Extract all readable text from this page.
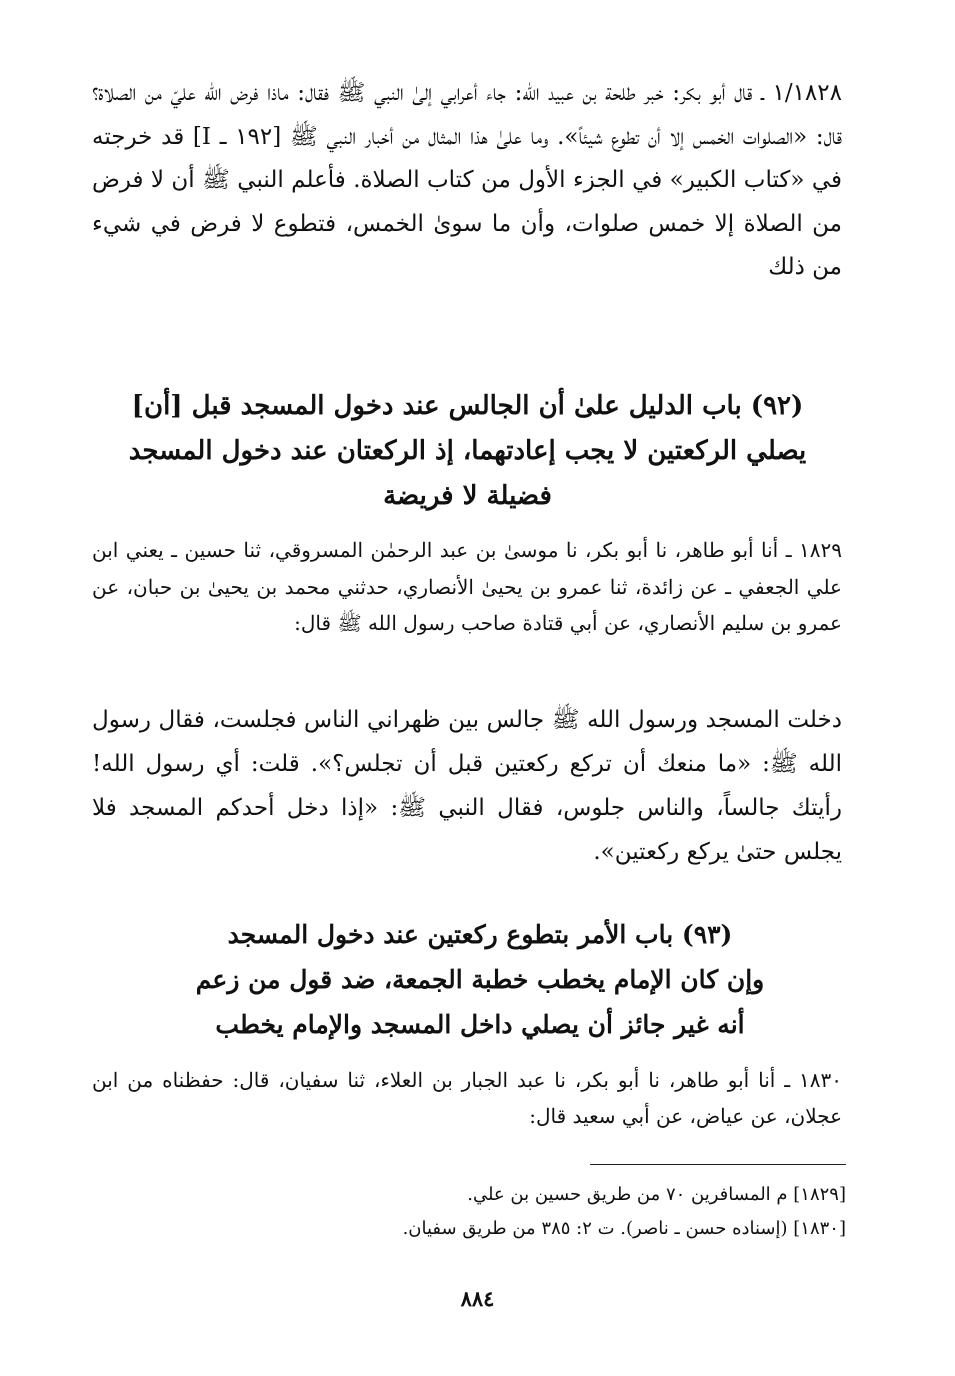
١/١٨٢٨ ـ قال أبو بكر: خبر طلحة بن عبيد الله: جاء أعرابي إلىٰ النبي ﷺ فقال: ماذا فرض الله عليّ من الصلاة؟ قال: «الصلوات الخمس إلا أن تطوع شيئاً». وما علىٰ هذا المثال من أخبار النبي ﷺ [١٩٢ ـ I] قد خرجته في «كتاب الكبير» في الجزء الأول من كتاب الصلاة. فأعلم النبي ﷺ أن لا فرض من الصلاة إلا خمس صلوات، وأن ما سوىٰ الخمس، فتطوع لا فرض في شيء من ذلك
(٩٢) باب الدليل علىٰ أن الجالس عند دخول المسجد قبل [أن]
يصلي الركعتين لا يجب إعادتهما، إذ الركعتان عند دخول المسجد
فضيلة لا فريضة
١٨٢٩ ـ أنا أبو طاهر، نا أبو بكر، نا موسىٰ بن عبد الرحمٰن المسروقي، ثنا حسين ـ يعني ابن علي الجعفي ـ عن زائدة، ثنا عمرو بن يحيىٰ الأنصاري، حدثني محمد بن يحيىٰ بن حبان، عن عمرو بن سليم الأنصاري، عن أبي قتادة صاحب رسول الله ﷺ قال:
دخلت المسجد ورسول الله ﷺ جالس بين ظهراني الناس فجلست، فقال رسول الله ﷺ: «ما منعك أن تركع ركعتين قبل أن تجلس؟». قلت: أي رسول الله! رأيتك جالساً، والناس جلوس، فقال النبي ﷺ: «إذا دخل أحدكم المسجد فلا يجلس حتىٰ يركع ركعتين».
(٩٣) باب الأمر بتطوع ركعتين عند دخول المسجد
وإن كان الإمام يخطب خطبة الجمعة، ضد قول من زعم
أنه غير جائز أن يصلي داخل المسجد والإمام يخطب
١٨٣٠ ـ أنا أبو طاهر، نا أبو بكر، نا عبد الجبار بن العلاء، ثنا سفيان، قال: حفظناه من ابن عجلان، عن عياض، عن أبي سعيد قال:
[١٨٢٩] م المسافرين ٧٠ من طريق حسين بن علي.
[١٨٣٠] (إسناده حسن ـ ناصر). ت ٢: ٣٨٥ من طريق سفيان.
٨٨٤
